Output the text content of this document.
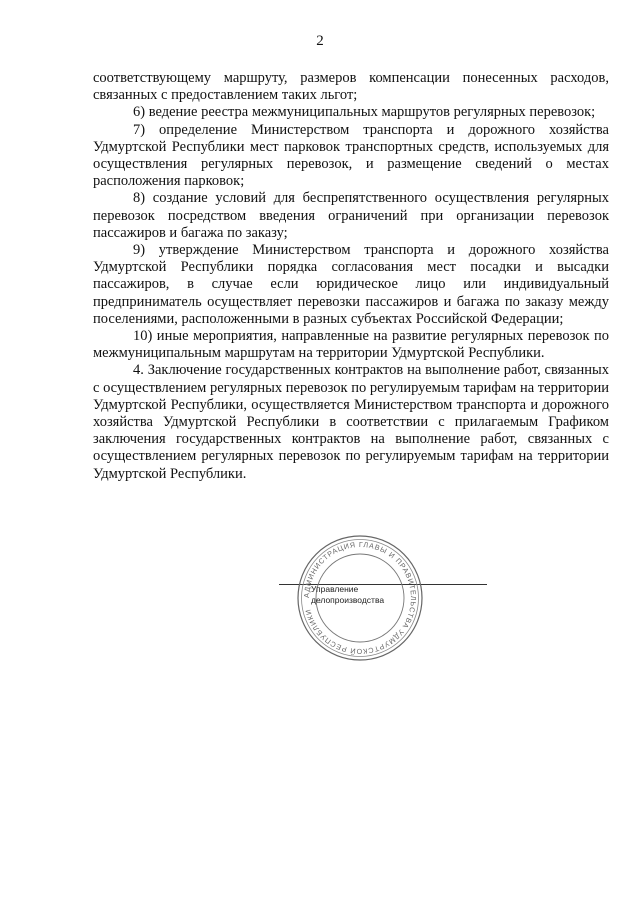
2

соответствующему маршруту, размеров компенсации понесенных расходов, связанных с предоставлением таких льгот;

6) ведение реестра межмуниципальных маршрутов регулярных перевозок;

7) определение Министерством транспорта и дорожного хозяйства Удмуртской Республики мест парковок транспортных средств, используемых для осуществления регулярных перевозок, и размещение сведений о местах расположения парковок;

8) создание условий для беспрепятственного осуществления регулярных перевозок посредством введения ограничений при организации перевозок пассажиров и багажа по заказу;

9) утверждение Министерством транспорта и дорожного хозяйства Удмуртской Республики порядка согласования мест посадки и высадки пассажиров, в случае если юридическое лицо или индивидуальный предприниматель осуществляет перевозки пассажиров и багажа по заказу между поселениями, расположенными в разных субъектах Российской Федерации;

10) иные мероприятия, направленные на развитие регулярных перевозок по межмуниципальным маршрутам на территории Удмуртской Республики.

4. Заключение государственных контрактов на выполнение работ, связанных с осуществлением регулярных перевозок по регулируемым тарифам на территории Удмуртской Республики, осуществляется Министерством транспорта и дорожного хозяйства Удмуртской Республики в соответствии с прилагаемым Графиком заключения государственных контрактов на выполнение работ, связанных с осуществлением регулярных перевозок по регулируемым тарифам на территории Удмуртской Республики.

АДМИНИСТРАЦИЯ ГЛАВЫ И ПРАВИТЕЛЬСТВА УДМУРТСКОЙ РЕСПУБЛИКИ
Управление
делопроизводства
